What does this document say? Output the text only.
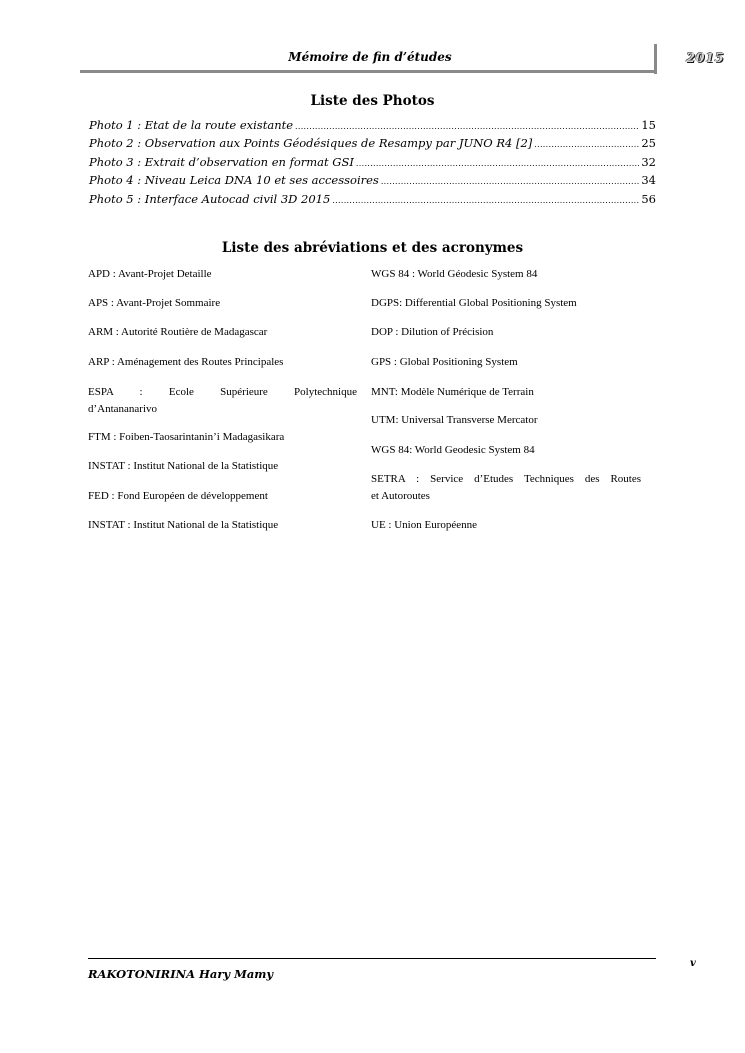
Mémoire de fin d’études	2015
Liste des Photos
Photo 1 : Etat de la route existante .....	15
Photo 2 : Observation aux Points Géodésiques de Resampy par JUNO R4 [2] .....	25
Photo 3 : Extrait d’observation en format GSI .....	32
Photo 4 : Niveau Leica DNA 10 et ses accessoires .....	34
Photo 5 : Interface Autocad civil 3D 2015 .....	56
Liste des abréviations et des acronymes
APD : Avant-Projet Detaille
APS : Avant-Projet Sommaire
ARM : Autorité Routière de Madagascar
ARP : Aménagement des Routes Principales
ESPA : Ecole Supérieure Polytechnique
d’Antananarivo
FTM : Foiben-Taosarintanin’i Madagasikara
INSTAT : Institut National de la Statistique
FED : Fond Européen de développement
INSTAT : Institut National de la Statistique
WGS 84 : World Géodesic System 84
DGPS: Differential Global Positioning System
DOP : Dilution of Précision
GPS : Global Positioning System
MNT: Modèle Numérique de Terrain
UTM: Universal Transverse Mercator
WGS 84: World Geodesic System 84
SETRA : Service d’Etudes Techniques des Routes
et Autoroutes
UE : Union Européenne
RAKOTONIRINA Hary Mamy
v
